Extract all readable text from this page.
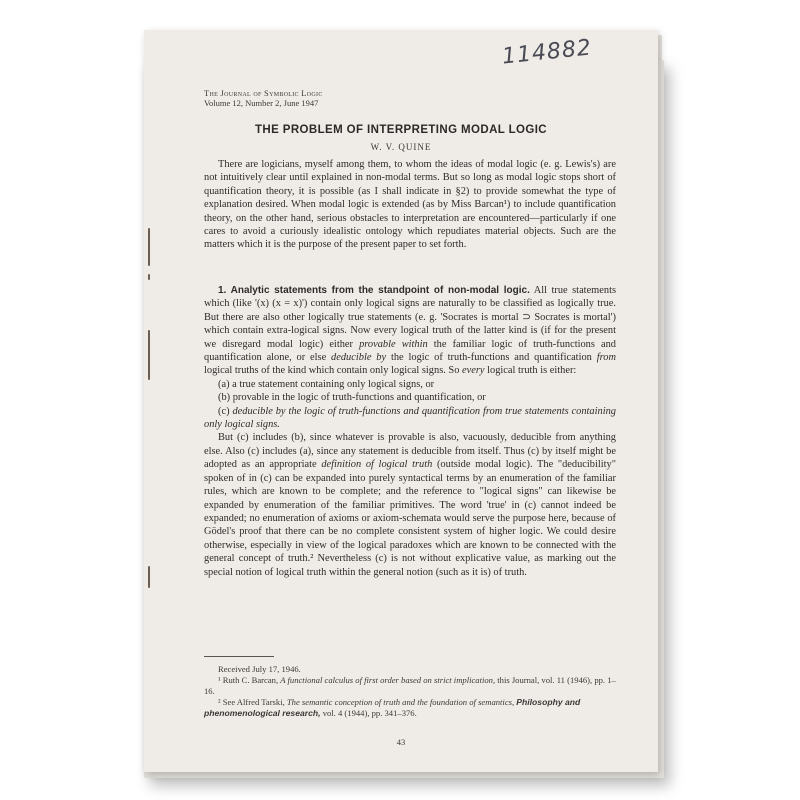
114882
The Journal of Symbolic Logic
Volume 12, Number 2, June 1947
THE PROBLEM OF INTERPRETING MODAL LOGIC
W. V. QUINE

There are logicians, myself among them, to whom the ideas of modal logic (e. g. Lewis's) are not intuitively clear until explained in non-modal terms. But so long as modal logic stops short of quantification theory, it is possible (as I shall indicate in §2) to provide somewhat the type of explanation desired. When modal logic is extended (as by Miss Barcan¹) to include quantification theory, on the other hand, serious obstacles to interpretation are encountered—particularly if one cares to avoid a curiously idealistic ontology which repudiates material objects. Such are the matters which it is the purpose of the present paper to set forth.

1. Analytic statements from the standpoint of non-modal logic. All true statements which (like '(x) (x = x)') contain only logical signs are naturally to be classified as logically true. But there are also other logically true statements (e. g. 'Socrates is mortal ⊃ Socrates is mortal') which contain extra-logical signs. Now every logical truth of the latter kind is (if for the present we disregard modal logic) either provable within the familiar logic of truth-functions and quantification alone, or else deducible by the logic of truth-functions and quantification from logical truths of the kind which contain only logical signs. So every logical truth is either:

(a) a true statement containing only logical signs, or

(b) provable in the logic of truth-functions and quantification, or

(c) deducible by the logic of truth-functions and quantification from true statements containing only logical signs.

But (c) includes (b), since whatever is provable is also, vacuously, deducible from anything else. Also (c) includes (a), since any statement is deducible from itself. Thus (c) by itself might be adopted as an appropriate definition of logical truth (outside modal logic). The "deducibility" spoken of in (c) can be expanded into purely syntactical terms by an enumeration of the familiar rules, which are known to be complete; and the reference to "logical signs" can likewise be expanded by enumeration of the familiar primitives. The word 'true' in (c) cannot indeed be expanded; no enumeration of axioms or axiom-schemata would serve the purpose here, because of Gödel's proof that there can be no complete consistent system of higher logic. We could desire otherwise, especially in view of the logical paradoxes which are known to be connected with the general concept of truth.² Nevertheless (c) is not without explicative value, as marking out the special notion of logical truth within the general notion (such as it is) of truth.

Received July 17, 1946.

¹ Ruth C. Barcan, A functional calculus of first order based on strict implication, this Journal, vol. 11 (1946), pp. 1–16.

² See Alfred Tarski, The semantic conception of truth and the foundation of semantics, Philosophy and phenomenological research, vol. 4 (1944), pp. 341–376.

43
